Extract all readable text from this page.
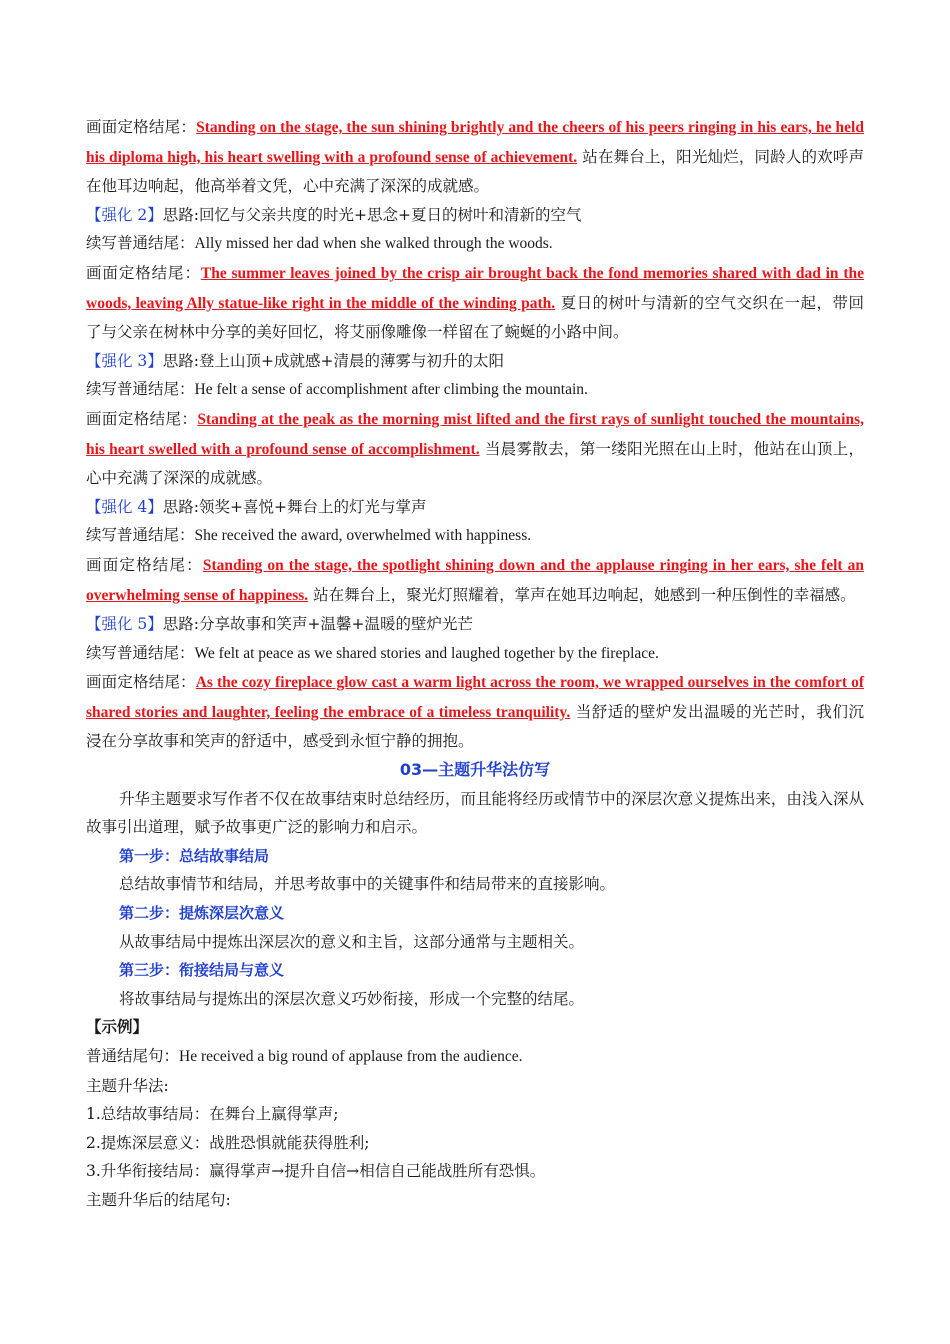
画面定格结尾：Standing on the stage, the sun shining brightly and the cheers of his peers ringing in his ears, he held his diploma high, his heart swelling with a profound sense of achievement. 站在舞台上，阳光灿烂，同龄人的欢呼声在他耳边响起，他高举着文凭，心中充满了深深的成就感。

【强化 2】思路:回忆与父亲共度的时光+思念+夏日的树叶和清新的空气

续写普通结尾：Ally missed her dad when she walked through the woods.

画面定格结尾：The summer leaves joined by the crisp air brought back the fond memories shared with dad in the woods, leaving Ally statue-like right in the middle of the winding path. 夏日的树叶与清新的空气交织在一起，带回了与父亲在树林中分享的美好回忆，将艾丽像雕像一样留在了蜿蜒的小路中间。

【强化 3】思路:登上山顶+成就感+清晨的薄雾与初升的太阳

续写普通结尾：He felt a sense of accomplishment after climbing the mountain.

画面定格结尾：Standing at the peak as the morning mist lifted and the first rays of sunlight touched the mountains, his heart swelled with a profound sense of accomplishment. 当晨雾散去，第一缕阳光照在山上时，他站在山顶上，心中充满了深深的成就感。

【强化 4】思路:领奖+喜悦+舞台上的灯光与掌声

续写普通结尾：She received the award, overwhelmed with happiness.

画面定格结尾：Standing on the stage, the spotlight shining down and the applause ringing in her ears, she felt an overwhelming sense of happiness. 站在舞台上，聚光灯照耀着，掌声在她耳边响起，她感到一种压倒性的幸福感。

【强化 5】思路:分享故事和笑声+温馨+温暖的壁炉光芒

续写普通结尾：We felt at peace as we shared stories and laughed together by the fireplace.

画面定格结尾：As the cozy fireplace glow cast a warm light across the room, we wrapped ourselves in the comfort of shared stories and laughter, feeling the embrace of a timeless tranquility. 当舒适的壁炉发出温暖的光芒时，我们沉浸在分享故事和笑声的舒适中，感受到永恒宁静的拥抱。

03—主题升华法仿写

升华主题要求写作者不仅在故事结束时总结经历，而且能将经历或情节中的深层次意义提炼出来，由浅入深从故事引出道理，赋予故事更广泛的影响力和启示。

第一步：总结故事结局

总结故事情节和结局，并思考故事中的关键事件和结局带来的直接影响。

第二步：提炼深层次意义

从故事结局中提炼出深层次的意义和主旨，这部分通常与主题相关。

第三步：衔接结局与意义

将故事结局与提炼出的深层次意义巧妙衔接，形成一个完整的结尾。

【示例】

普通结尾句：He received a big round of applause from the audience.

主题升华法:

1.总结故事结局：在舞台上赢得掌声;

2.提炼深层意义：战胜恐惧就能获得胜利;

3.升华衔接结局：赢得掌声→提升自信→相信自己能战胜所有恐惧。

主题升华后的结尾句:
